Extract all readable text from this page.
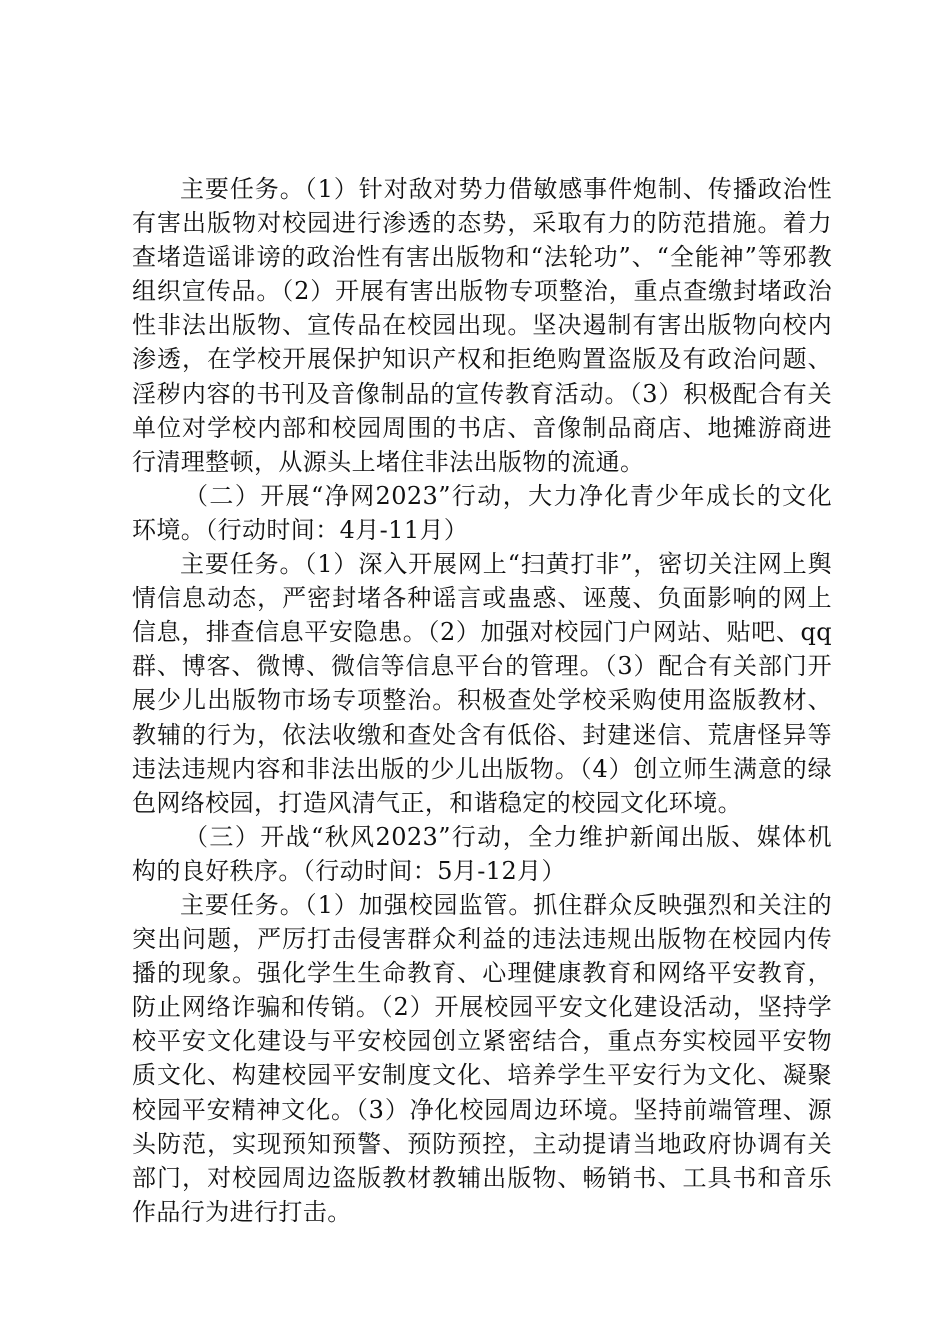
主要任务。（1）针对敌对势力借敏感事件炮制、传播政治性有害出版物对校园进行渗透的态势，采取有力的防范措施。着力查堵造谣诽谤的政治性有害出版物和“法轮功”、“全能神”等邪教组织宣传品。（2）开展有害出版物专项整治，重点查缴封堵政治性非法出版物、宣传品在校园出现。坚决遏制有害出版物向校内渗透，在学校开展保护知识产权和拒绝购置盗版及有政治问题、淫秽内容的书刊及音像制品的宣传教育活动。（3）积极配合有关单位对学校内部和校园周围的书店、音像制品商店、地摊游商进行清理整顿，从源头上堵住非法出版物的流通。

（二）开展“净网2023”行动，大力净化青少年成长的文化环境。（行动时间：4月-11月）

主要任务。（1）深入开展网上“扫黄打非”，密切关注网上舆情信息动态，严密封堵各种谣言或蛊惑、诬蔑、负面影响的网上信息，排查信息平安隐患。（2）加强对校园门户网站、贴吧、qq群、博客、微博、微信等信息平台的管理。（3）配合有关部门开展少儿出版物市场专项整治。积极查处学校采购使用盗版教材、教辅的行为，依法收缴和查处含有低俗、封建迷信、荒唐怪异等违法违规内容和非法出版的少儿出版物。（4）创立师生满意的绿色网络校园，打造风清气正，和谐稳定的校园文化环境。

（三）开战“秋风2023”行动，全力维护新闻出版、媒体机构的良好秩序。（行动时间：5月-12月）

主要任务。（1）加强校园监管。抓住群众反映强烈和关注的突出问题，严厉打击侵害群众利益的违法违规出版物在校园内传播的现象。强化学生生命教育、心理健康教育和网络平安教育，防止网络诈骗和传销。（2）开展校园平安文化建设活动，坚持学校平安文化建设与平安校园创立紧密结合，重点夯实校园平安物质文化、构建校园平安制度文化、培养学生平安行为文化、凝聚校园平安精神文化。（3）净化校园周边环境。坚持前端管理、源头防范，实现预知预警、预防预控，主动提请当地政府协调有关部门，对校园周边盗版教材教辅出版物、畅销书、工具书和音乐作品行为进行打击。
